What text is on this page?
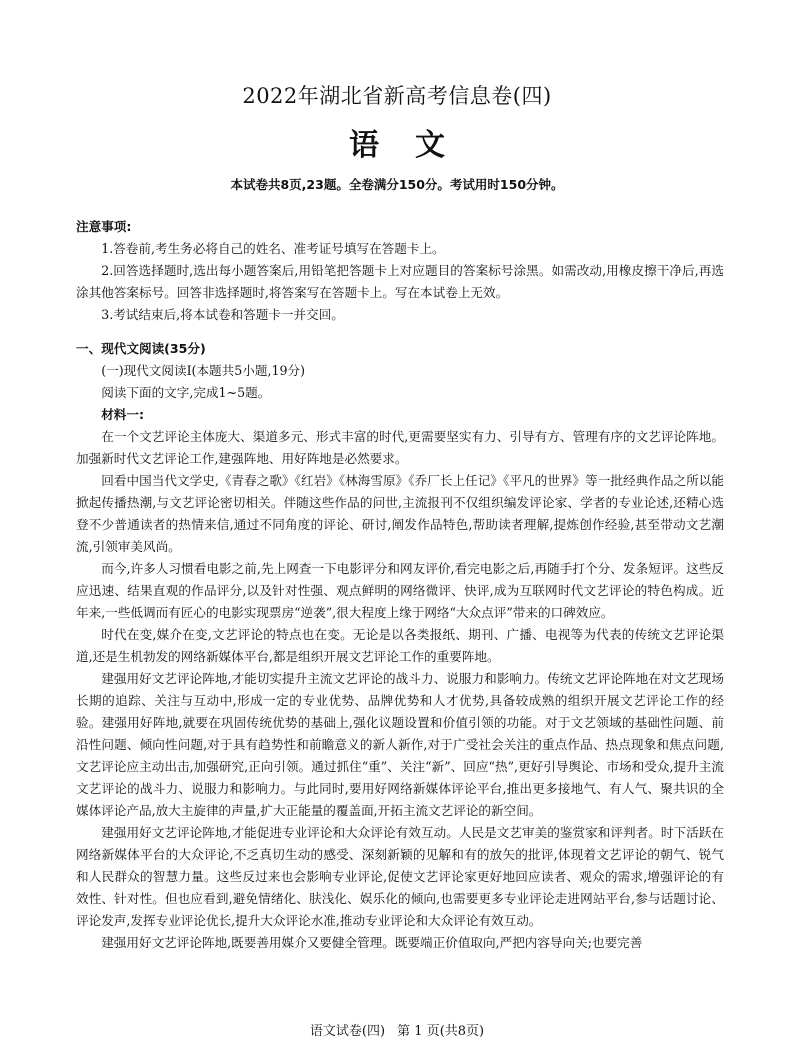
2022年湖北省新高考信息卷(四)
语文
本试卷共8页,23题。全卷满分150分。考试用时150分钟。
注意事项:
1.答卷前,考生务必将自己的姓名、准考证号填写在答题卡上。
2.回答选择题时,选出每小题答案后,用铅笔把答题卡上对应题目的答案标号涂黑。如需改动,用橡皮擦干净后,再选涂其他答案标号。回答非选择题时,将答案写在答题卡上。写在本试卷上无效。
3.考试结束后,将本试卷和答题卡一并交回。
一、现代文阅读(35分)
(一)现代文阅读Ⅰ(本题共5小题,19分)
阅读下面的文字,完成1~5题。
材料一:
在一个文艺评论主体庞大、渠道多元、形式丰富的时代,更需要坚实有力、引导有方、管理有序的文艺评论阵地。加强新时代文艺评论工作,建强阵地、用好阵地是必然要求。
回看中国当代文学史,《青春之歌》《红岩》《林海雪原》《乔厂长上任记》《平凡的世界》等一批经典作品之所以能掀起传播热潮,与文艺评论密切相关。伴随这些作品的问世,主流报刊不仅组织编发评论家、学者的专业论述,还精心选登不少普通读者的热情来信,通过不同角度的评论、研讨,阐发作品特色,帮助读者理解,提炼创作经验,甚至带动文艺潮流,引领审美风尚。
而今,许多人习惯看电影之前,先上网查一下电影评分和网友评价,看完电影之后,再随手打个分、发条短评。这些反应迅速、结果直观的作品评分,以及针对性强、观点鲜明的网络微评、快评,成为互联网时代文艺评论的特色构成。近年来,一些低调而有匠心的电影实现票房“逆袭”,很大程度上缘于网络“大众点评”带来的口碑效应。
时代在变,媒介在变,文艺评论的特点也在变。无论是以各类报纸、期刊、广播、电视等为代表的传统文艺评论渠道,还是生机勃发的网络新媒体平台,都是组织开展文艺评论工作的重要阵地。
建强用好文艺评论阵地,才能切实提升主流文艺评论的战斗力、说服力和影响力。传统文艺评论阵地在对文艺现场长期的追踪、关注与互动中,形成一定的专业优势、品牌优势和人才优势,具备较成熟的组织开展文艺评论工作的经验。建强用好阵地,就要在巩固传统优势的基础上,强化议题设置和价值引领的功能。对于文艺领域的基础性问题、前沿性问题、倾向性问题,对于具有趋势性和前瞻意义的新人新作,对于广受社会关注的重点作品、热点现象和焦点问题,文艺评论应主动出击,加强研究,正向引领。通过抓住“重”、关注“新”、回应“热”,更好引导舆论、市场和受众,提升主流文艺评论的战斗力、说服力和影响力。与此同时,要用好网络新媒体评论平台,推出更多接地气、有人气、聚共识的全媒体评论产品,放大主旋律的声量,扩大正能量的覆盖面,开拓主流文艺评论的新空间。
建强用好文艺评论阵地,才能促进专业评论和大众评论有效互动。人民是文艺审美的鉴赏家和评判者。时下活跃在网络新媒体平台的大众评论,不乏真切生动的感受、深刻新颖的见解和有的放矢的批评,体现着文艺评论的朝气、锐气和人民群众的智慧力量。这些反过来也会影响专业评论,促使文艺评论家更好地回应读者、观众的需求,增强评论的有效性、针对性。但也应看到,避免情绪化、肤浅化、娱乐化的倾向,也需要更多专业评论走进网站平台,参与话题讨论、评论发声,发挥专业评论优长,提升大众评论水准,推动专业评论和大众评论有效互动。
建强用好文艺评论阵地,既要善用媒介又要健全管理。既要端正价值取向,严把内容导向关;也要完善
语文试卷(四) 第 1 页(共8页)
